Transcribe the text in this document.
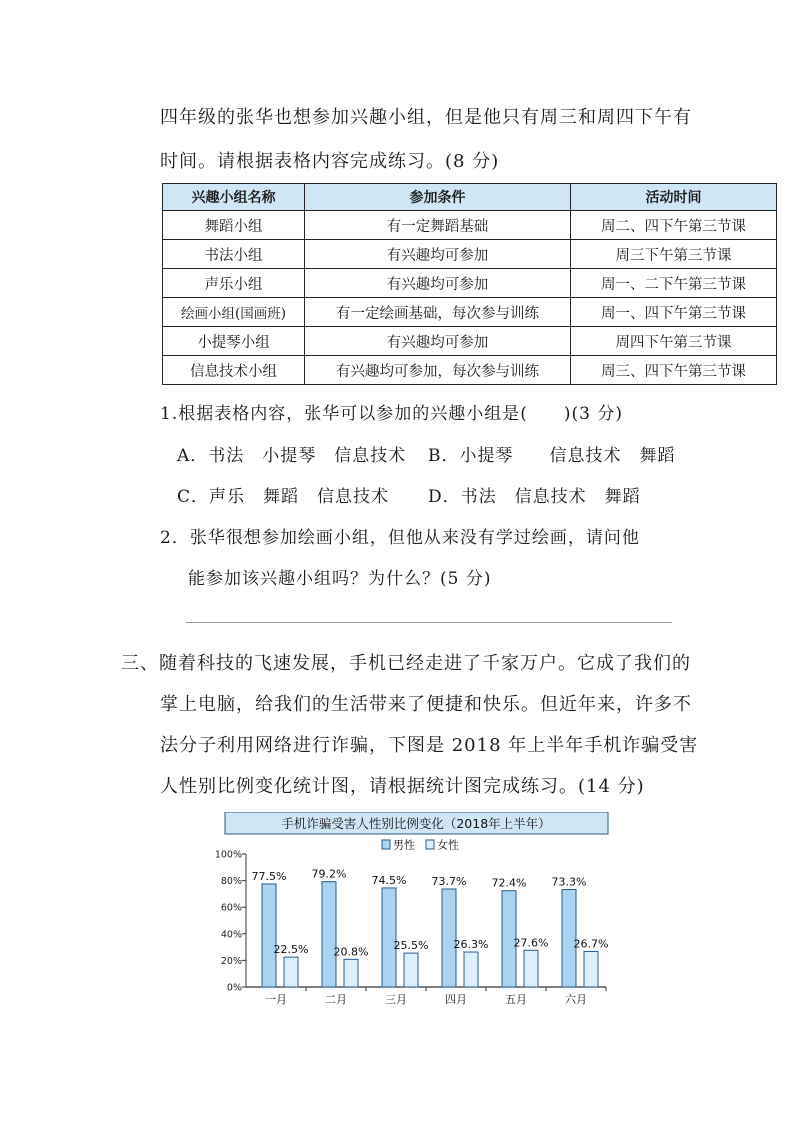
四年级的张华也想参加兴趣小组，但是他只有周三和周四下午有
时间。请根据表格内容完成练习。(8 分)
兴趣小组名称	参加条件	活动时间
舞蹈小组	有一定舞蹈基础	周二、四下午第三节课
书法小组	有兴趣均可参加	周三下午第三节课
声乐小组	有兴趣均可参加	周一、二下午第三节课
绘画小组(国画班)	有一定绘画基础，每次参与训练	周一、四下午第三节课
小提琴小组	有兴趣均可参加	周四下午第三节课
信息技术小组	有兴趣均可参加，每次参与训练	周三、四下午第三节课
1.根据表格内容，张华可以参加的兴趣小组是(　　)(3 分)
A．书法　小提琴　信息技术 B．小提琴　　信息技术　舞蹈
C．声乐　舞蹈　信息技术 D．书法　信息技术　舞蹈
2．张华很想参加绘画小组，但他从来没有学过绘画，请问他
能参加该兴趣小组吗？为什么？(5 分)
三、随着科技的飞速发展，手机已经走进了千家万户。它成了我们的
掌上电脑，给我们的生活带来了便捷和快乐。但近年来，许多不
法分子利用网络进行诈骗，下图是 2018 年上半年手机诈骗受害
人性别比例变化统计图，请根据统计图完成练习。(14 分)
手机诈骗受害人性别比例变化（2018年上半年）
男性 女性
0%
20%
40%
60%
80%
100%
一月	二月	三月	四月	五月	六月
77.5%
22.5%
79.2%
20.8%
74.5%
25.5%
73.7%
26.3%
72.4%
27.6%
73.3%
26.7%
